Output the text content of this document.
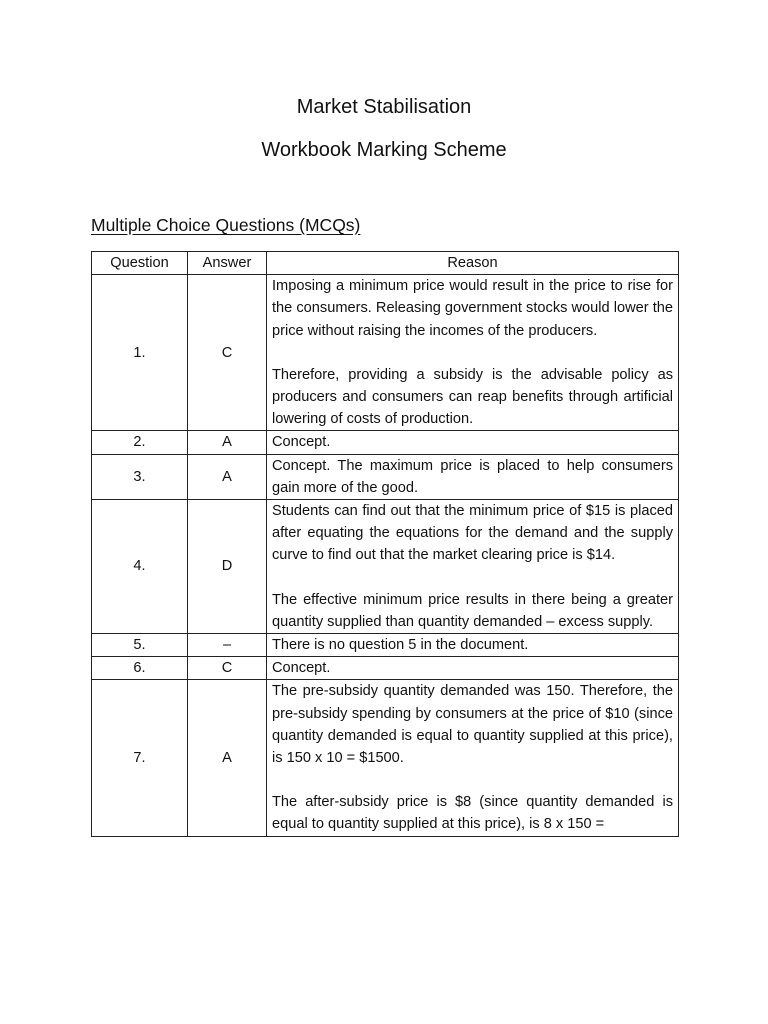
Market Stabilisation
Workbook Marking Scheme
Multiple Choice Questions (MCQs)
Question	Answer	Reason
1.	C	Imposing a minimum price would result in the price to rise for the consumers. Releasing government stocks would lower the price without raising the incomes of the producers.

Therefore, providing a subsidy is the advisable policy as producers and consumers can reap benefits through artificial lowering of costs of production.

2.	A	Concept.

3.	A	Concept. The maximum price is placed to help consumers gain more of the good.

4.	D	Students can find out that the minimum price of $15 is placed after equating the equations for the demand and the supply curve to find out that the market clearing price is $14.

The effective minimum price results in there being a greater quantity supplied than quantity demanded – excess supply.

5.	–	There is no question 5 in the document.

6.	C	Concept.

7.	A	The pre-subsidy quantity demanded was 150. Therefore, the pre-subsidy spending by consumers at the price of $10 (since quantity demanded is equal to quantity supplied at this price), is 150 x 10 = $1500.

The after-subsidy price is $8 (since quantity demanded is equal to quantity supplied at this price), is 8 x 150 =
